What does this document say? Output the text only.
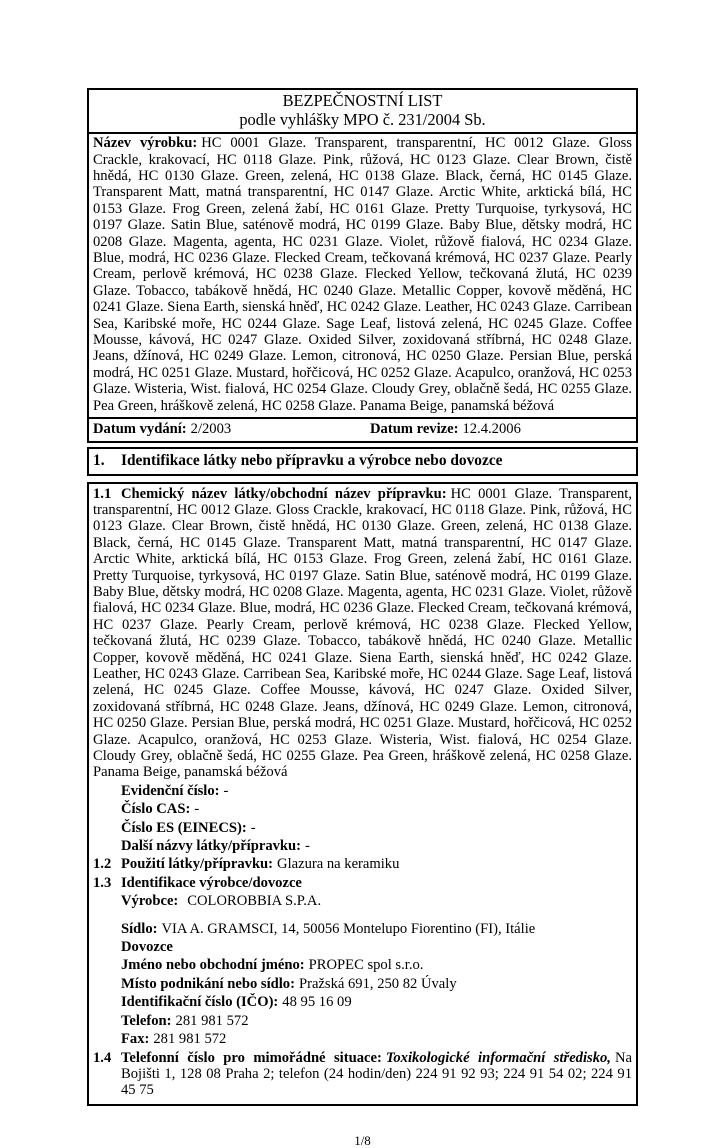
BEZPEČNOSTNÍ LIST
podle vyhlášky MPO č. 231/2004 Sb.

Název výrobku: HC 0001 Glaze. Transparent, transparentní, HC 0012 Glaze. Gloss Crackle, krakovací, HC 0118 Glaze. Pink, růžová, HC 0123 Glaze. Clear Brown, čistě hnědá, HC 0130 Glaze. Green, zelená, HC 0138 Glaze. Black, černá, HC 0145 Glaze. Transparent Matt, matná transparentní, HC 0147 Glaze. Arctic White, arktická bílá, HC 0153 Glaze. Frog Green, zelená žabí, HC 0161 Glaze. Pretty Turquoise, tyrkysová, HC 0197 Glaze. Satin Blue, saténově modrá, HC 0199 Glaze. Baby Blue, dětsky modrá, HC 0208 Glaze. Magenta, agenta, HC 0231 Glaze. Violet, růžově fialová, HC 0234 Glaze. Blue, modrá, HC 0236 Glaze. Flecked Cream, tečkovaná krémová, HC 0237 Glaze. Pearly Cream, perlově krémová, HC 0238 Glaze. Flecked Yellow, tečkovaná žlutá, HC 0239 Glaze. Tobacco, tabákově hnědá, HC 0240 Glaze. Metallic Copper, kovově měděná, HC 0241 Glaze. Siena Earth, sienská hněď, HC 0242 Glaze. Leather, HC 0243 Glaze. Carribean Sea, Karibské moře, HC 0244 Glaze. Sage Leaf, listová zelená, HC 0245 Glaze. Coffee Mousse, kávová, HC 0247 Glaze. Oxided Silver, zoxidovaná stříbrná, HC 0248 Glaze. Jeans, džínová, HC 0249 Glaze. Lemon, citronová, HC 0250 Glaze. Persian Blue, perská modrá, HC 0251 Glaze. Mustard, hořčicová, HC 0252 Glaze. Acapulco, oranžová, HC 0253 Glaze. Wisteria, Wist. fialová, HC 0254 Glaze. Cloudy Grey, oblačně šedá, HC 0255 Glaze. Pea Green, hráškově zelená, HC 0258 Glaze. Panama Beige, panamská béžová

Datum vydání: 2/2003	Datum revize: 12.4.2006
1. Identifikace látky nebo přípravku a výrobce nebo dovozce

1.1 Chemický název látky/obchodní název přípravku: HC 0001 Glaze. Transparent, transparentní, HC 0012 Glaze. Gloss Crackle, krakovací, HC 0118 Glaze. Pink, růžová, HC 0123 Glaze. Clear Brown, čistě hnědá, HC 0130 Glaze. Green, zelená, HC 0138 Glaze. Black, černá, HC 0145 Glaze. Transparent Matt, matná transparentní, HC 0147 Glaze. Arctic White, arktická bílá, HC 0153 Glaze. Frog Green, zelená žabí, HC 0161 Glaze. Pretty Turquoise, tyrkysová, HC 0197 Glaze. Satin Blue, saténově modrá, HC 0199 Glaze. Baby Blue, dětsky modrá, HC 0208 Glaze. Magenta, agenta, HC 0231 Glaze. Violet, růžově fialová, HC 0234 Glaze. Blue, modrá, HC 0236 Glaze. Flecked Cream, tečkovaná krémová, HC 0237 Glaze. Pearly Cream, perlově krémová, HC 0238 Glaze. Flecked Yellow, tečkovaná žlutá, HC 0239 Glaze. Tobacco, tabákově hnědá, HC 0240 Glaze. Metallic Copper, kovově měděná, HC 0241 Glaze. Siena Earth, sienská hněď, HC 0242 Glaze. Leather, HC 0243 Glaze. Carribean Sea, Karibské moře, HC 0244 Glaze. Sage Leaf, listová zelená, HC 0245 Glaze. Coffee Mousse, kávová, HC 0247 Glaze. Oxided Silver, zoxidovaná stříbrná, HC 0248 Glaze. Jeans, džínová, HC 0249 Glaze. Lemon, citronová, HC 0250 Glaze. Persian Blue, perská modrá, HC 0251 Glaze. Mustard, hořčicová, HC 0252 Glaze. Acapulco, oranžová, HC 0253 Glaze. Wisteria, Wist. fialová, HC 0254 Glaze. Cloudy Grey, oblačně šedá, HC 0255 Glaze. Pea Green, hráškově zelená, HC 0258 Glaze. Panama Beige, panamská béžová

Evidenční číslo: -

Číslo CAS: -

Číslo ES (EINECS): -

Další názvy látky/přípravku: -

1.2 Použití látky/přípravku: Glazura na keramiku

1.3 Identifikace výrobce/dovozce

Výrobce: COLOROBBIA S.P.A.

Sídlo: VIA A. GRAMSCI, 14, 50056 Montelupo Fiorentino (FI), Itálie

Dovozce

Jméno nebo obchodní jméno: PROPEC spol s.r.o.

Místo podnikání nebo sídlo: Pražská 691, 250 82 Úvaly

Identifikační číslo (IČO): 48 95 16 09

Telefon: 281 981 572

Fax: 281 981 572

1.4 Telefonní číslo pro mimořádné situace: Toxikologické informační středisko, Na Bojišti 1, 128 08 Praha 2; telefon (24 hodin/den) 224 91 92 93; 224 91 54 02; 224 91 45 75

1/8
